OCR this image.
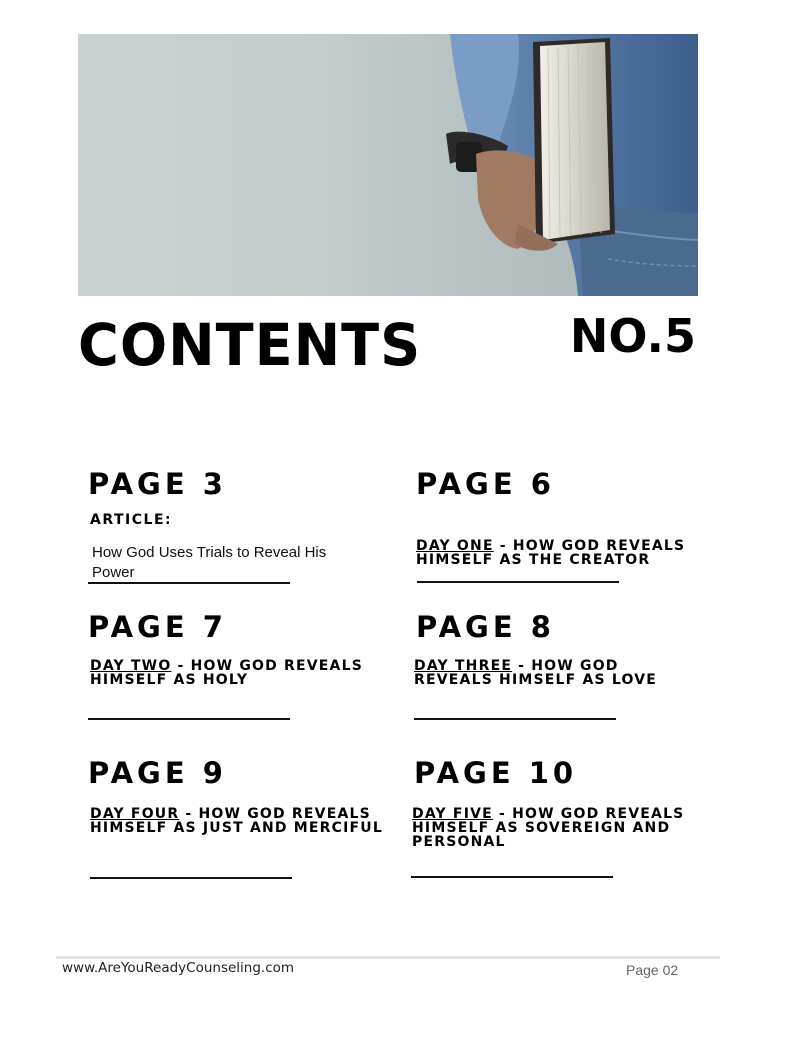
CONTENTS	NO.5
PAGE 3
ARTICLE:
How God Uses Trials to Reveal His Power
PAGE 6
DAY ONE - HOW GOD REVEALS HIMSELF AS THE CREATOR
PAGE 7
DAY TWO - HOW GOD REVEALS HIMSELF AS HOLY
PAGE 8
DAY THREE - HOW GOD REVEALS HIMSELF AS LOVE
PAGE 9
DAY FOUR - HOW GOD REVEALS HIMSELF AS JUST AND MERCIFUL
PAGE 10
DAY FIVE - HOW GOD REVEALS HIMSELF AS SOVEREIGN AND PERSONAL
www.AreYouReadyCounseling.com	Page 02
